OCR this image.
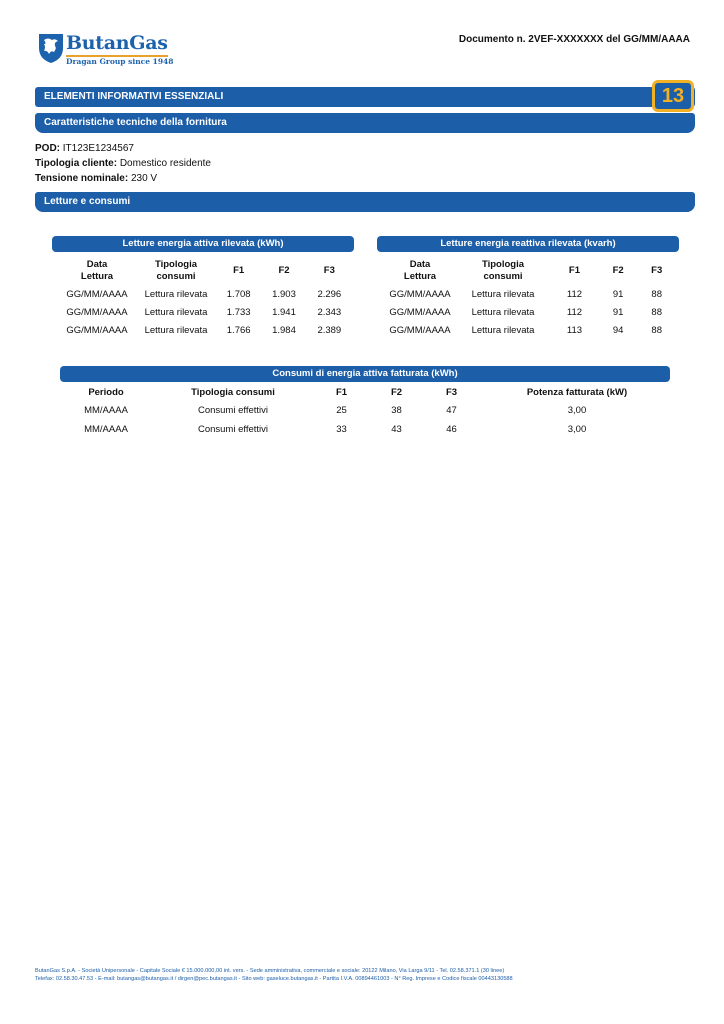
ButanGas
Dragan Group since 1948
Documento n. 2VEF-XXXXXXX del GG/MM/AAAA
ELEMENTI INFORMATIVI ESSENZIALI	13
Caratteristiche tecniche della fornitura
POD: IT123E1234567
Tipologia cliente: Domestico residente
Tensione nominale: 230 V
Letture e consumi
Letture energia attiva rilevata (kWh)
Data
Lettura	Tipologia
consumi	F1	F2	F3
GG/MM/AAAA	Lettura rilevata	1.708	1.903	2.296
GG/MM/AAAA	Lettura rilevata	1.733	1.941	2.343
GG/MM/AAAA	Lettura rilevata	1.766	1.984	2.389
Letture energia reattiva rilevata (kvarh)
Data
Lettura	Tipologia
consumi	F1	F2	F3
GG/MM/AAAA	Lettura rilevata	112	91	88
GG/MM/AAAA	Lettura rilevata	112	91	88
GG/MM/AAAA	Lettura rilevata	113	94	88
Consumi di energia attiva fatturata (kWh)
Periodo	Tipologia consumi	F1	F2	F3	Potenza fatturata (kW)
MM/AAAA	Consumi effettivi	25	38	47	3,00
MM/AAAA	Consumi effettivi	33	43	46	3,00
ButanGas S.p.A. - Società Unipersonale - Capitale Sociale € 15.000.000,00 int. vers. - Sede amministrativa, commerciale e sociale: 20122 Milano, Via Larga 9/11 - Tel. 02.58.371.1 (30 linee)
Telefax: 02.58.30.47.53 - E-mail: butangas@butangas.it / dirgen@pec.butangas.it - Sito web: gaseluce.butangas.it - Partita I.V.A. 00894461003 - N° Reg. Imprese e Codice fiscale 00443130588
